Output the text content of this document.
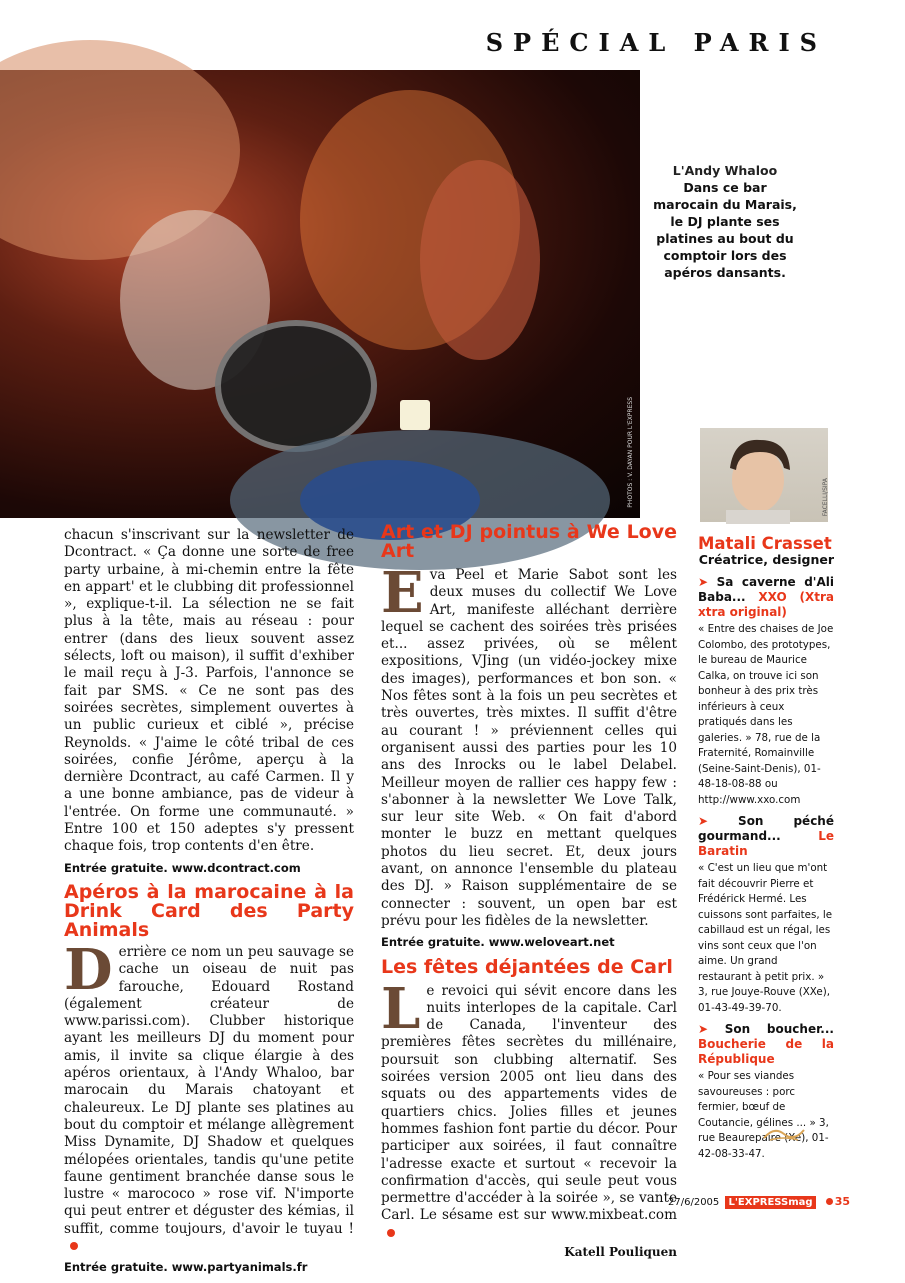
SPÉCIAL PARIS
PHOTOS : V. DAYAN POUR L'EXPRESS
L'Andy Whaloo
Dans ce bar marocain du Marais, le DJ plante ses platines au bout du comptoir lors des apéros dansants.
FACELLI/SIPA

chacun s'inscrivant sur la newsletter de Dcontract. « Ça donne une sorte de free party urbaine, à mi-chemin entre la fête en appart' et le clubbing dit professionnel », explique-t-il. La sélection ne se fait plus à la tête, mais au réseau : pour entrer (dans des lieux souvent assez sélects, loft ou maison), il suffit d'exhiber le mail reçu à J-3. Parfois, l'annonce se fait par SMS. « Ce ne sont pas des soirées secrètes, simplement ouvertes à un public curieux et ciblé », précise Reynolds. « J'aime le côté tribal de ces soirées, confie Jérôme, aperçu à la dernière Dcontract, au café Carmen. Il y a une bonne ambiance, pas de videur à l'entrée. On forme une communauté. » Entre 100 et 150 adeptes s'y pressent chaque fois, trop contents d'en être.

Entrée gratuite. www.dcontract.com
Apéros à la marocaine à la Drink Card des Party Animals

Derrière ce nom un peu sauvage se cache un oiseau de nuit pas farouche, Edouard Rostand (également créateur de www.parissi.com). Clubber historique ayant les meilleurs DJ du moment pour amis, il invite sa clique élargie à des apéros orientaux, à l'Andy Whaloo, bar marocain du Marais chatoyant et chaleureux. Le DJ plante ses platines au bout du comptoir et mélange allègrement Miss Dynamite, DJ Shadow et quelques mélopées orientales, tandis qu'une petite faune gentiment branchée danse sous le lustre « marococo » rose vif. N'importe qui peut entrer et déguster des kémias, il suffit, comme toujours, d'avoir le tuyau !

Entrée gratuite. www.partyanimals.fr
Art et DJ pointus à We Love Art

Eva Peel et Marie Sabot sont les deux muses du collectif We Love Art, manifeste alléchant derrière lequel se cachent des soirées très prisées et... assez privées, où se mêlent expositions, VJing (un vidéo-jockey mixe des images), performances et bon son. « Nos fêtes sont à la fois un peu secrètes et très ouvertes, très mixtes. Il suffit d'être au courant ! » préviennent celles qui organisent aussi des parties pour les 10 ans des Inrocks ou le label Delabel. Meilleur moyen de rallier ces happy few : s'abonner à la newsletter We Love Talk, sur leur site Web. « On fait d'abord monter le buzz en mettant quelques photos du lieu secret. Et, deux jours avant, on annonce l'ensemble du plateau des DJ. » Raison supplémentaire de se connecter : souvent, un open bar est prévu pour les fidèles de la newsletter.

Entrée gratuite. www.weloveart.net
Les fêtes déjantées de Carl

Le revoici qui sévit encore dans les nuits interlopes de la capitale. Carl de Canada, l'inventeur des premières fêtes secrètes du millénaire, poursuit son clubbing alternatif. Ses soirées version 2005 ont lieu dans des squats ou des appartements vides de quartiers chics. Jolies filles et jeunes hommes fashion font partie du décor. Pour participer aux soirées, il faut connaître l'adresse exacte et surtout « recevoir la confirmation d'accès, qui seule peut vous permettre d'accéder à la soirée », se vante Carl. Le sésame est sur www.mixbeat.com

Katell Pouliquen
Matali Crasset
Créatrice, designer
➤ Sa caverne d'Ali Baba... XXO (Xtra xtra original)
« Entre des chaises de Joe Colombo, des prototypes, le bureau de Maurice Calka, on trouve ici son bonheur à des prix très inférieurs à ceux pratiqués dans les galeries. » 78, rue de la Fraternité, Romainville (Seine-Saint-Denis), 01-48-18-08-88 ou http://www.xxo.com
➤ Son péché gourmand...	Le Baratin
« C'est un lieu que m'ont fait découvrir Pierre et Frédérick Hermé. Les cuissons sont parfaites, le cabillaud est un régal, les vins sont ceux que l'on aime. Un grand restaurant à petit prix. » 3, rue Jouye-Rouve (XXe), 01-43-49-39-70.
➤ Son boucher... Boucherie de la République
« Pour ses viandes savoureuses : porc fermier, bœuf de Coutancie, gélines ... » 3, rue Beaurepaire (Xe), 01-42-08-33-47.
27/6/2005 L'EXPRESSmag 35
